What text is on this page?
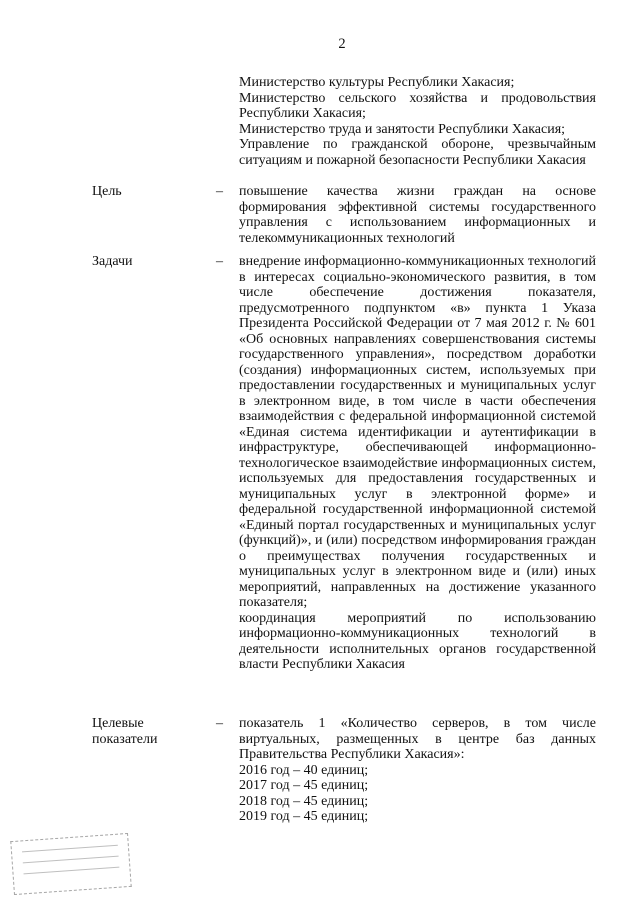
2

Министерство культуры Республики Хакасия;

Министерство сельского хозяйства и продовольствия Республики Хакасия;

Министерство труда и занятости Республики Хакасия;

Управление по гражданской обороне, чрезвычайным ситуациям и пожарной безопасности Республики Хакасия

Цель	– повышение качества жизни граждан на основе формирования эффективной системы государственного управления с использованием информационных и телекоммуникационных технологий

Задачи	– внедрение информационно-коммуникационных технологий в интересах социально-экономического развития, в том числе обеспечение достижения показателя, предусмотренного подпунктом «в» пункта 1 Указа Президента Российской Федерации от 7 мая 2012 г. № 601 «Об основных направлениях совершенствования системы государственного управления», посредством доработки (создания) информационных систем, используемых при предоставлении государственных и муниципальных услуг в электронном виде, в том числе в части обеспечения взаимодействия с федеральной информационной системой «Единая система идентификации и аутентификации в инфраструктуре, обеспечивающей информационно-технологическое взаимодействие информационных систем, используемых для предоставления государственных и муниципальных услуг в электронной форме» и федеральной государственной информационной системой «Единый портал государственных и муниципальных услуг (функций)», и (или) посредством информирования граждан о преимуществах получения государственных и муниципальных услуг в электронном виде и (или) иных мероприятий, направленных на достижение указанного показателя;

координация мероприятий по использованию информационно-коммуникационных технологий в деятельности исполнительных органов государственной власти Республики Хакасия

Целевые показатели
– показатель 1 «Количество серверов, в том числе виртуальных, размещенных в центре баз данных Правительства Республики Хакасия»:

2016 год – 40 единиц;

2017 год – 45 единиц;

2018 год – 45 единиц;

2019 год – 45 единиц;
